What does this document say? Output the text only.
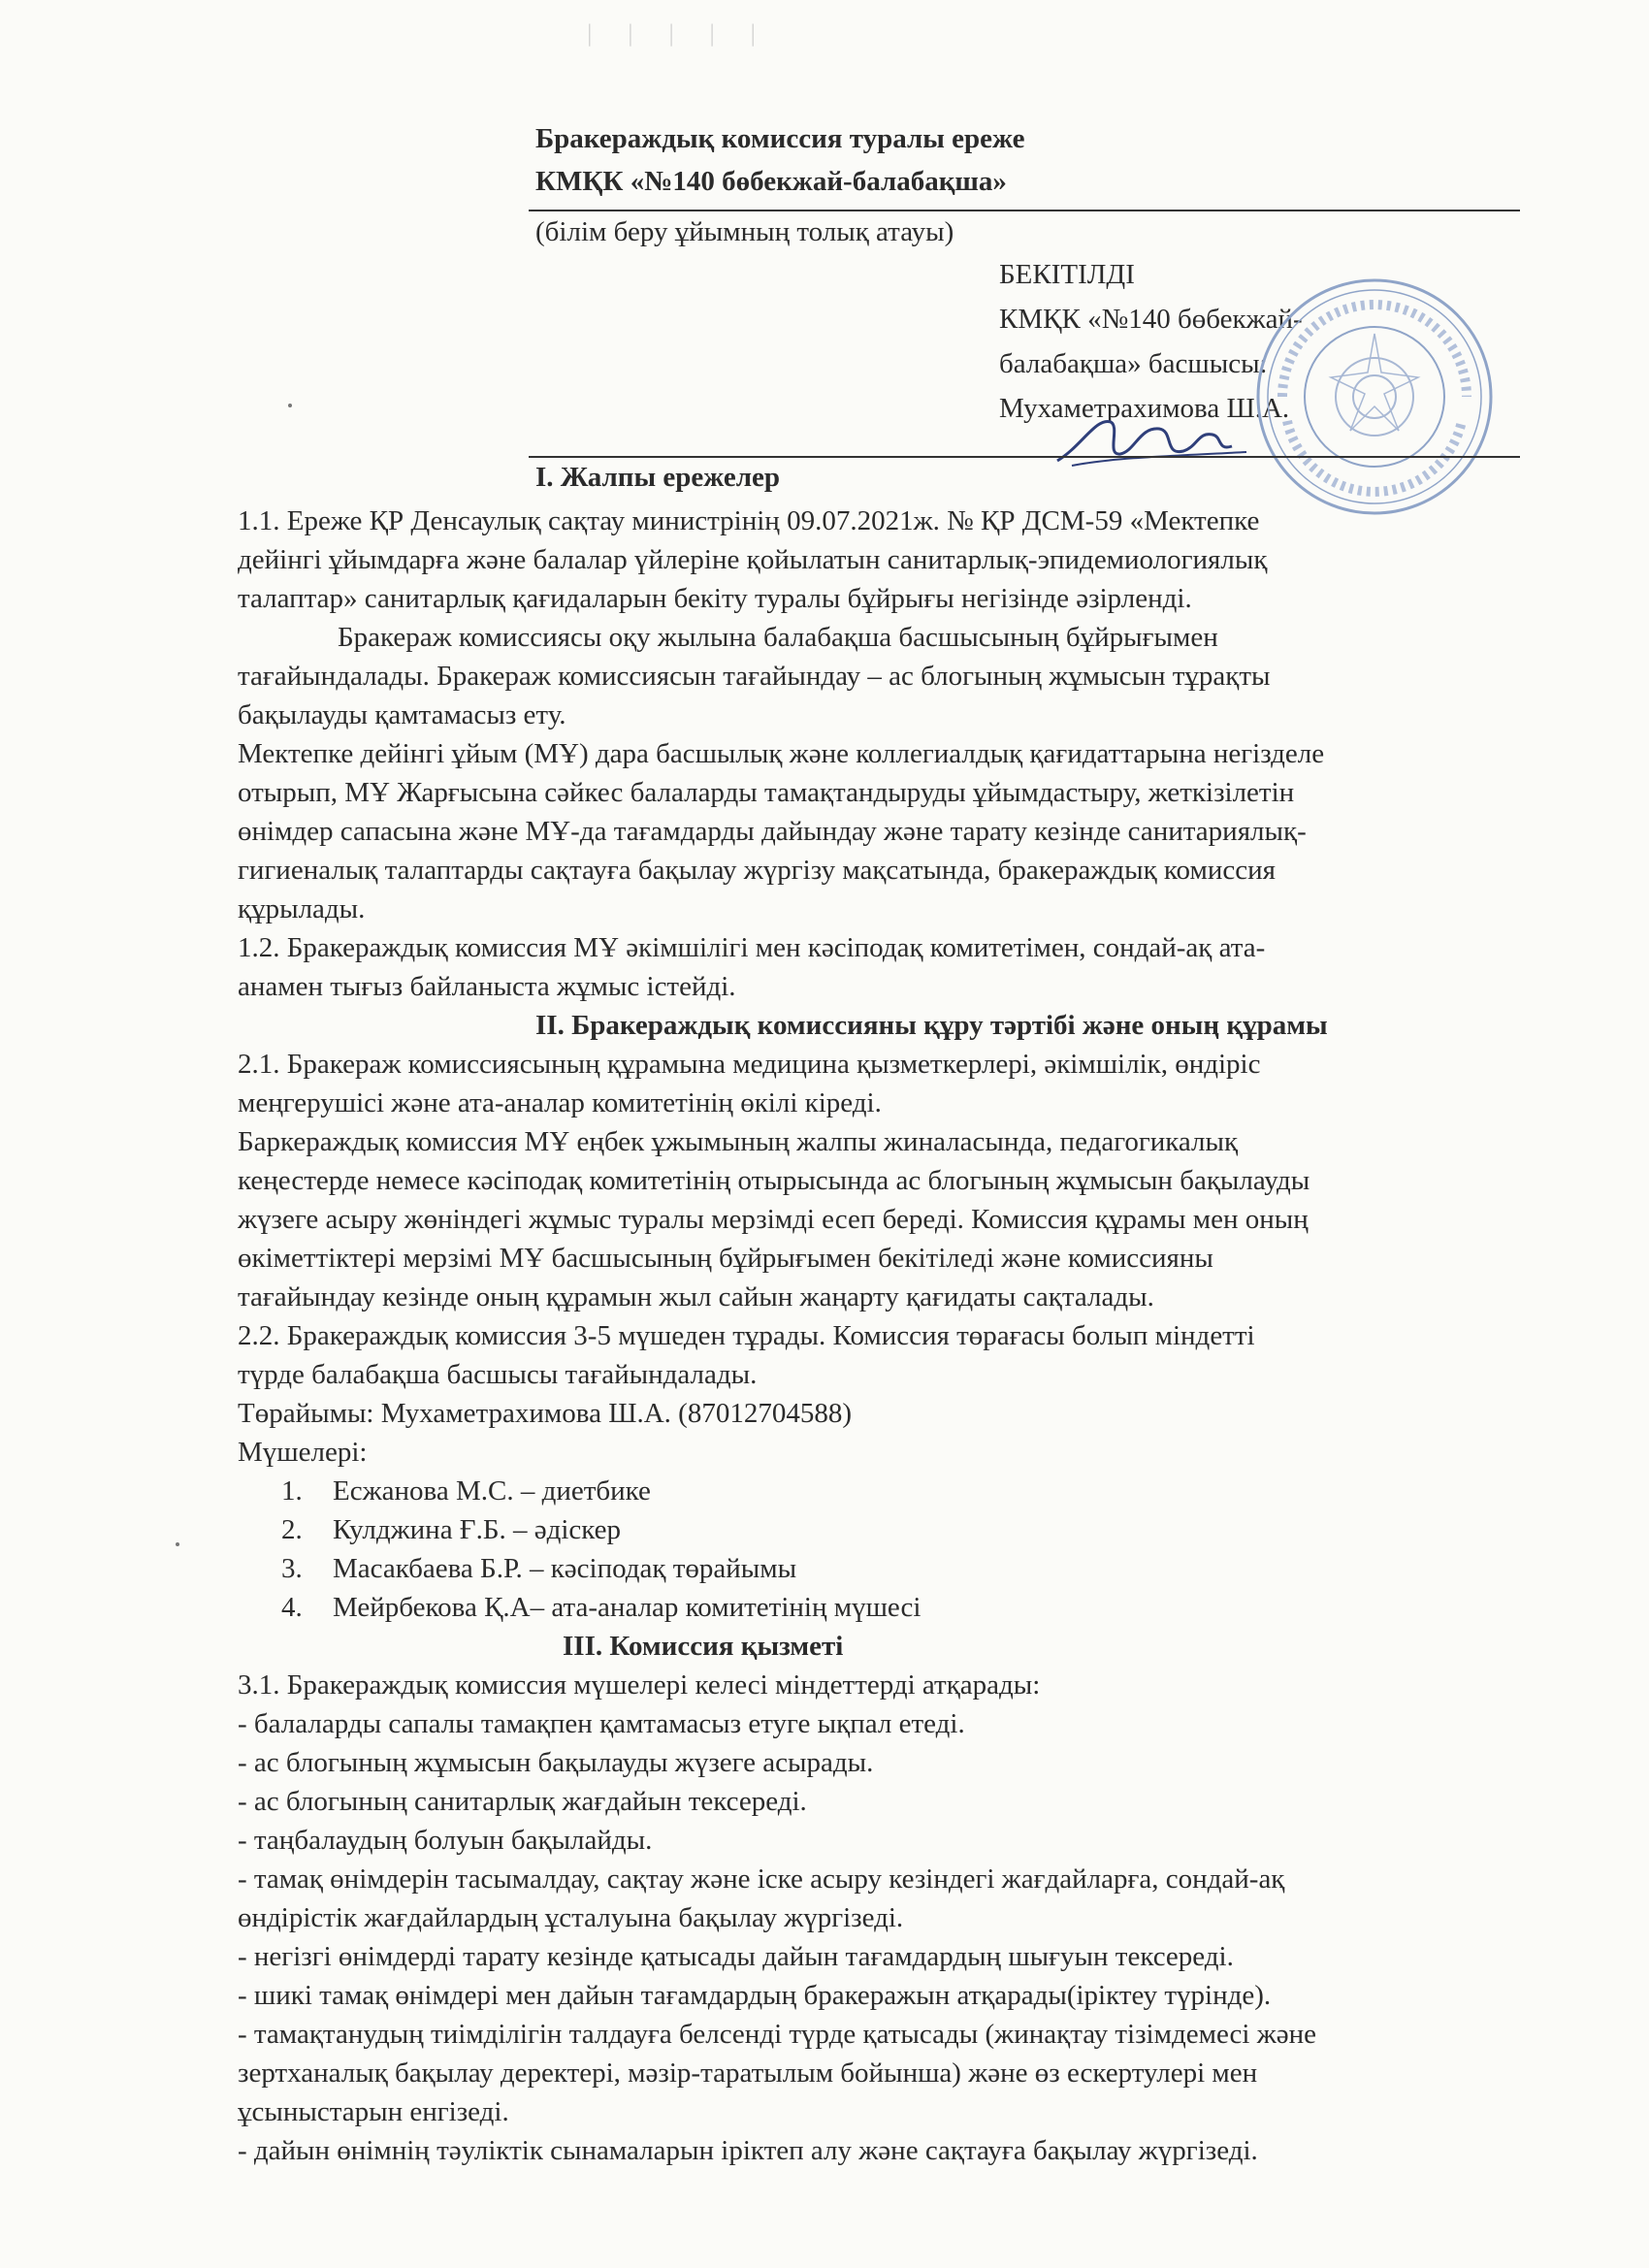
ᛁ ᛁ ᛁ ᛁ ᛁ
Бракераждық комиссия туралы ереже
КМҚК «№140 бөбекжай-балабақша»
(білім беру ұйымның толық атауы)
БЕКІТІЛДІ
КМҚК «№140 бөбекжай-
балабақша» басшысы:
Мухаметрахимова Ш.А.
I. Жалпы ережелер
1.1. Ереже ҚР Денсаулық сақтау министрінің 09.07.2021ж. № ҚР ДСМ-59 «Мектепке
дейінгі ұйымдарға және балалар үйлеріне қойылатын санитарлық-эпидемиологиялық
талаптар» санитарлық қағидаларын бекіту туралы бұйрығы негізінде әзірленді.
Бракераж комиссиясы оқу жылына балабақша басшысының бұйрығымен
тағайындалады. Бракераж комиссиясын тағайындау – ас блогының жұмысын тұрақты
бақылауды қамтамасыз ету.
Мектепке дейінгі ұйым (МҰ) дара басшылық және коллегиалдық қағидаттарына негізделе
отырып, МҰ Жарғысына сәйкес балаларды тамақтандыруды ұйымдастыру, жеткізілетін
өнімдер сапасына және МҰ-да тағамдарды дайындау және тарату кезінде санитариялық-
гигиеналық талаптарды сақтауға бақылау жүргізу мақсатында, бракераждық комиссия
құрылады.
1.2. Бракераждық комиссия МҰ әкімшілігі мен кәсіподақ комитетімен, сондай-ақ ата-
анамен тығыз байланыста жұмыс істейді.
II. Бракераждық комиссияны құру тәртібі және оның құрамы
2.1. Бракераж комиссиясының құрамына медицина қызметкерлері, әкімшілік, өндіріс
меңгерушісі және ата-аналар комитетінің өкілі кіреді.
Баркераждық комиссия МҰ еңбек ұжымының жалпы жиналасында, педагогикалық
кеңестерде немесе кәсіподақ комитетінің отырысында ас блогының жұмысын бақылауды
жүзеге асыру жөніндегі жұмыс туралы мерзімді есеп береді. Комиссия құрамы мен оның
өкіметтіктері мерзімі МҰ басшысының бұйрығымен бекітіледі және комиссияны
тағайындау кезінде оның құрамын жыл сайын жаңарту қағидаты сақталады.
2.2. Бракераждық комиссия 3-5 мүшеден тұрады. Комиссия төрағасы болып міндетті
түрде балабақша басшысы тағайындалады.
Төрайымы: Мухаметрахимова Ш.А. (87012704588)
Мүшелері:
1. Есжанова М.С. – диетбике
2. Кулджина Ғ.Б. – әдіскер
3. Масакбаева Б.Р. – кәсіподақ төрайымы
4. Мейрбекова Қ.А– ата-аналар комитетінің мүшесі
III. Комиссия қызметі
3.1. Бракераждық комиссия мүшелері келесі міндеттерді атқарады:
- балаларды сапалы тамақпен қамтамасыз етуге ықпал етеді.
- ас блогының жұмысын бақылауды жүзеге асырады.
- ас блогының санитарлық жағдайын тексереді.
- таңбалаудың болуын бақылайды.
- тамақ өнімдерін тасымалдау, сақтау және іске асыру кезіндегі жағдайларға, сондай-ақ
өндірістік жағдайлардың ұсталуына бақылау жүргізеді.
- негізгі өнімдерді тарату кезінде қатысады дайын тағамдардың шығуын тексереді.
- шикі тамақ өнімдері мен дайын тағамдардың бракеражын атқарады(іріктеу түрінде).
- тамақтанудың тиімділігін талдауға белсенді түрде қатысады (жинақтау тізімдемесі және
зертханалық бақылау деректері, мәзір-таратылым бойынша) және өз ескертулері мен
ұсыныстарын енгізеді.
- дайын өнімнің тәуліктік сынамаларын іріктеп алу және сақтауға бақылау жүргізеді.
